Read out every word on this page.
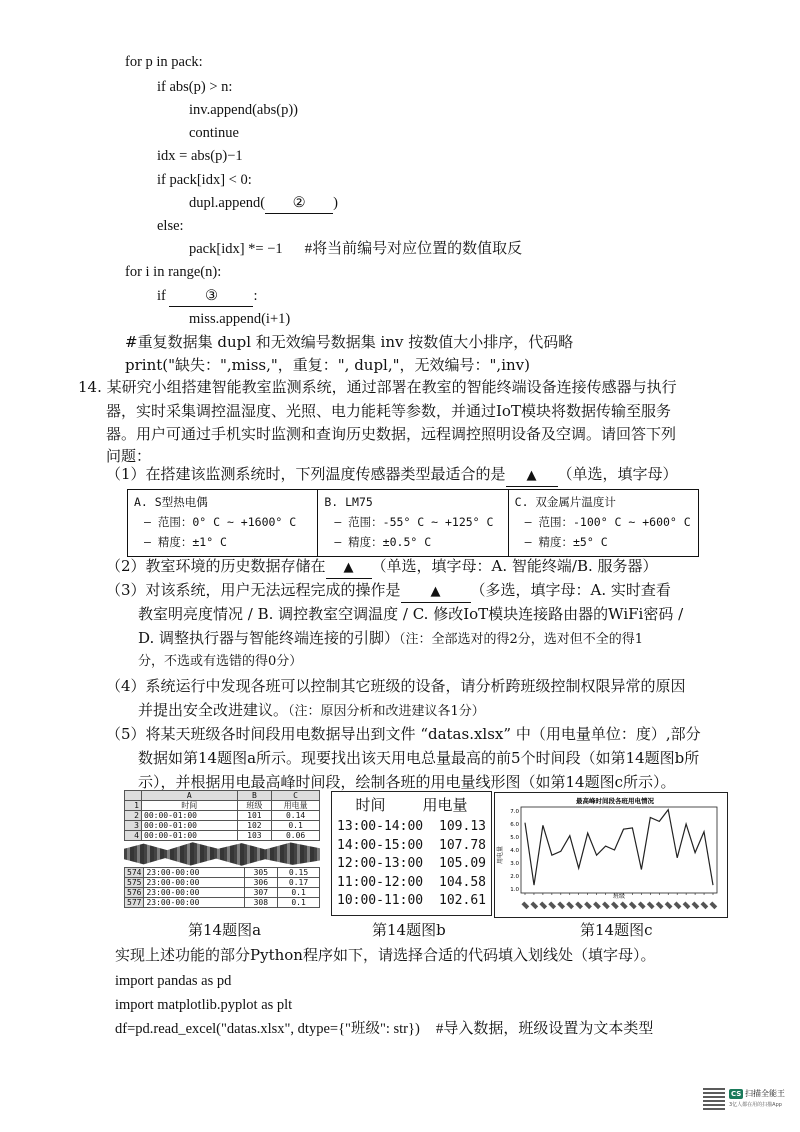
for p in pack:
if abs(p) > n:
inv.append(abs(p))
continue
idx = abs(p)−1
if pack[idx] < 0:
dupl.append( ② )
else:
pack[idx] *= −1 #将当前编号对应位置的数值取反
for i in range(n):
if	③ :
miss.append(i+1)
#重复数据集 dupl 和无效编号数据集 inv 按数值大小排序，代码略
print("缺失：",miss,"，重复：", dupl,"，无效编号：",inv)
14. 某研究小组搭建智能教室监测系统，通过部署在教室的智能终端设备连接传感器与执行
器，实时采集调控温湿度、光照、电力能耗等参数，并通过IoT模块将数据传输至服务
器。用户可通过手机实时监测和查询历史数据，远程调控照明设备及空调。请回答下列
问题：
（1）在搭建该监测系统时，下列温度传感器类型最适合的是 ▲ （单选，填字母）
A. S型热电偶
– 范围：0° C ~ +1600° C
– 精度：±1° C
B. LM75
– 范围：-55° C ~ +125° C
– 精度：±0.5° C
C. 双金属片温度计
– 范围：-100° C ~ +600° C
– 精度：±5° C
（2）教室环境的历史数据存储在 ▲ （单选，填字母：A. 智能终端/B. 服务器）
（3）对该系统，用户无法远程完成的操作是 ▲ （多选，填字母：A. 实时查看
教室明亮度情况 / B. 调控教室空调温度 / C. 修改IoT模块连接路由器的WiFi密码 /
D. 调整执行器与智能终端连接的引脚）（注：全部选对的得2分，选对但不全的得1
分，不选或有选错的得0分）
（4）系统运行中发现各班可以控制其它班级的设备，请分析跨班级控制权限异常的原因
并提出安全改进建议。（注：原因分析和改进建议各1分）
（5）将某天班级各时间段用电数据导出到文件 “datas.xlsx” 中（用电量单位：度）,部分
数据如第14题图a所示。现要找出该天用电总量最高的前5个时间段（如第14题图b所
示），并根据用电最高峰时间段，绘制各班的用电量线形图（如第14题图c所示）。
	A	B	C
1	时间	班级	用电量
2	00:00-01:00	101	0.14
3	00:00-01:00	102	0.1
4	00:00-01:00	103	0.06
574	23:00-00:00	305	0.15
575	23:00-00:00	306	0.17
576	23:00-00:00	307	0.1
577	23:00-00:00	308	0.1
时间 用电量
13:00-14:00 109.13
14:00-15:00 107.78
12:00-13:00 105.09
11:00-12:00 104.58
10:00-11:00 102.61
最高峰时间段各班用电情况
用电量
班级
1.0
2.0
3.0
4.0
5.0
6.0
7.0
第14题图a	第14题图b	第14题图c
实现上述功能的部分Python程序如下，请选择合适的代码填入划线处（填字母）。
import pandas as pd
import matplotlib.pyplot as plt
df=pd.read_excel("datas.xlsx", dtype={"班级": str}) #导入数据，班级设置为文本类型
CS 扫描全能王
3亿人都在用的扫描App
